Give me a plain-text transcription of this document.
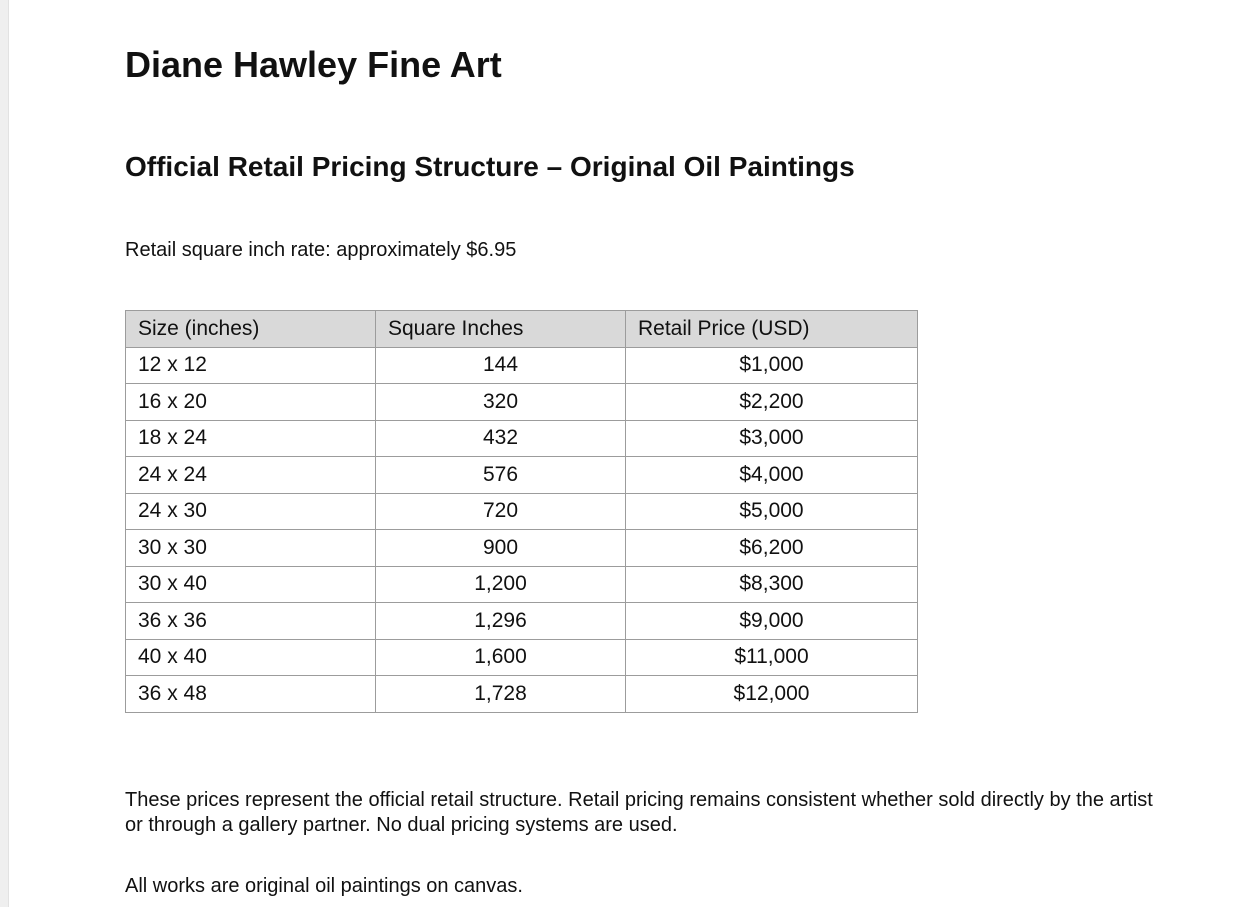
Diane Hawley Fine Art
Official Retail Pricing Structure – Original Oil Paintings

Retail square inch rate: approximately $6.95

Size (inches)	Square Inches	Retail Price (USD)
12 x 12	144	$1,000
16 x 20	320	$2,200
18 x 24	432	$3,000
24 x 24	576	$4,000
24 x 30	720	$5,000
30 x 30	900	$6,200
30 x 40	1,200	$8,300
36 x 36	1,296	$9,000
40 x 40	1,600	$11,000
36 x 48	1,728	$12,000

These prices represent the official retail structure. Retail pricing remains consistent whether sold directly by the artist or through a gallery partner. No dual pricing systems are used.

All works are original oil paintings on canvas.
